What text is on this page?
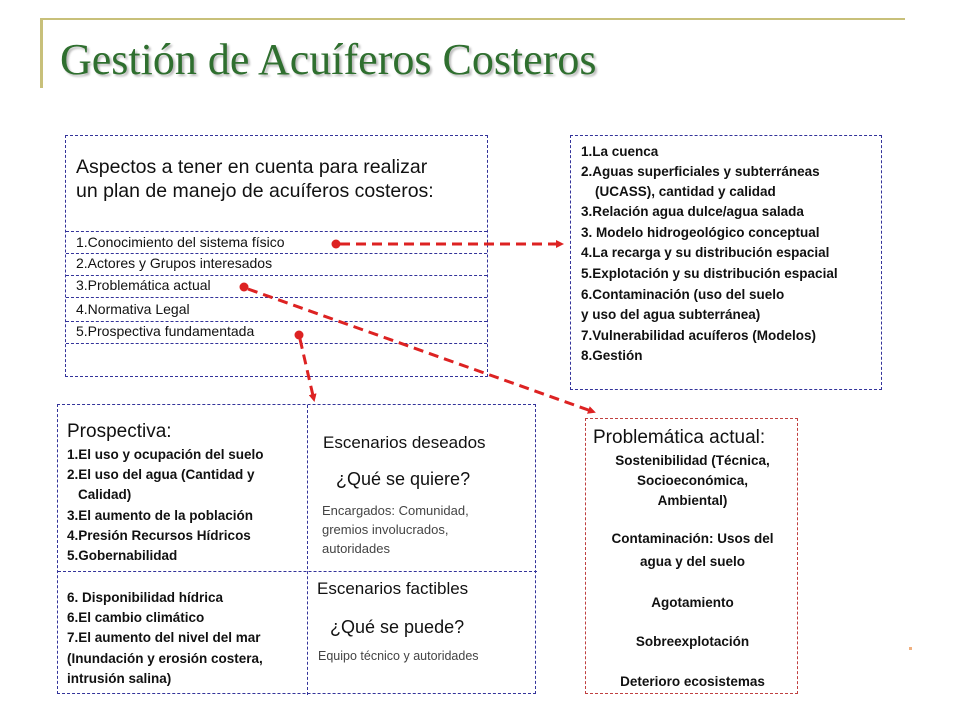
Gestión de Acuíferos Costeros
Aspectos a tener en cuenta para realizar
un plan de manejo de acuíferos costeros:
1.Conocimiento del sistema físico
2.Actores y Grupos interesados
3.Problemática actual
4.Normativa Legal
5.Prospectiva fundamentada
1.La cuenca
2.Aguas superficiales y subterráneas
(UCASS), cantidad y calidad
3.Relación agua dulce/agua salada
3. Modelo hidrogeológico conceptual
4.La recarga y su distribución espacial
5.Explotación y su distribución espacial
6.Contaminación (uso del suelo
y uso del agua subterránea)
7.Vulnerabilidad acuíferos (Modelos)
8.Gestión
Prospectiva:
1.El uso y ocupación del suelo
2.El uso del agua (Cantidad y
Calidad)
3.El aumento de la población
4.Presión Recursos Hídricos
5.Gobernabilidad
6. Disponibilidad hídrica
6.El cambio climático
7.El aumento del nivel del mar
(Inundación y erosión costera,
intrusión salina)
Escenarios deseados
¿Qué se quiere?
Encargados: Comunidad,
gremios involucrados,
autoridades
Escenarios factibles
¿Qué se puede?
Equipo técnico y autoridades
Problemática actual:
Sostenibilidad (Técnica,
Socioeconómica,
Ambiental)
Contaminación: Usos del
agua y del suelo
Agotamiento
Sobreexplotación
Deterioro ecosistemas
